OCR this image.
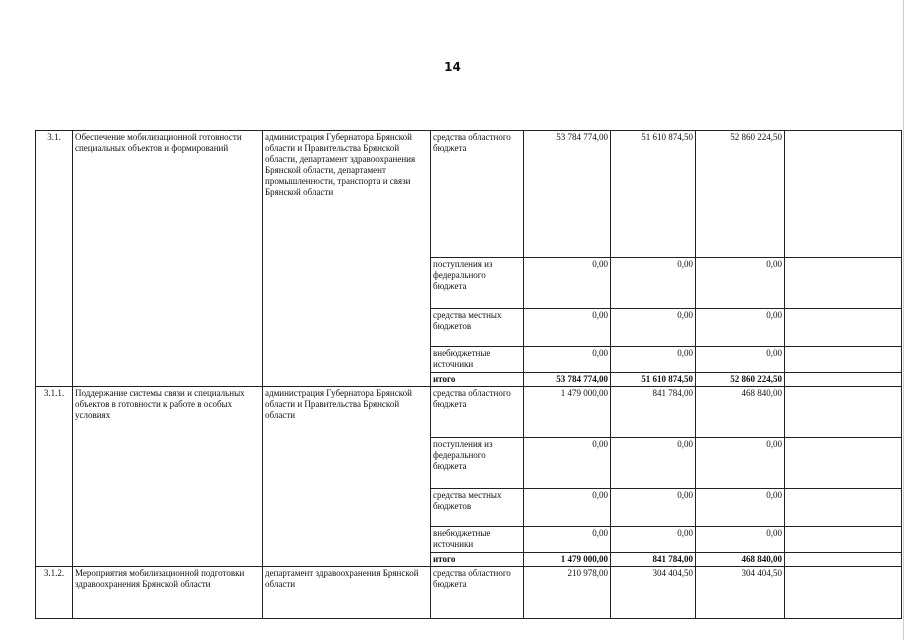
14
3.1.	Обеспечение мобилизационной готовности специальных объектов и формирований	администрация Губернатора Брянской области и Правительства Брянской области, департамент здравоохранения Брянской области, департамент промышленности, транспорта и связи Брянской области	средства областного бюджета	53 784 774,00	51 610 874,50	52 860 224,50	
			поступления из федерального бюджета	0,00	0,00	0,00	
			средства местных бюджетов	0,00	0,00	0,00	
			внебюджетные источники	0,00	0,00	0,00	
			итого	53 784 774,00	51 610 874,50	52 860 224,50	
3.1.1.	Поддержание системы связи и специальных объектов в готовности к работе в особых условиях	администрация Губернатора Брянской области и Правительства Брянской области	средства областного бюджета	1 479 000,00	841 784,00	468 840,00	
			поступления из федерального бюджета	0,00	0,00	0,00	
			средства местных бюджетов	0,00	0,00	0,00	
			внебюджетные источники	0,00	0,00	0,00	
			итого	1 479 000,00	841 784,00	468 840,00	
3.1.2.	Мероприятия мобилизационной подготовки здравоохранения Брянской области	департамент здравоохранения Брянской области	средства областного бюджета	210 978,00	304 404,50	304 404,50	
